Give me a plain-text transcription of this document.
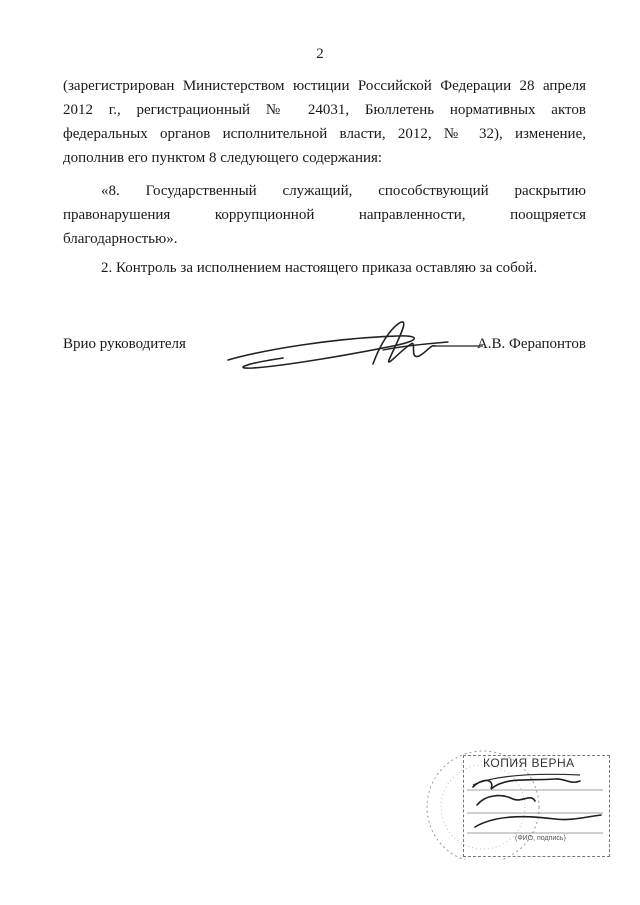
2
(зарегистрирован Министерством юстиции Российской Федерации 28 апреля
2012 г., регистрационный № 24031, Бюллетень нормативных актов
федеральных органов исполнительной власти, 2012, № 32), изменение,
дополнив его пунктом 8 следующего содержания:
«8. Государственный служащий, способствующий раскрытию
правонарушения коррупционной направленности, поощряется
благодарностью».
2. Контроль за исполнением настоящего приказа оставляю за собой.
Врио руководителя	А.В. Ферапонтов
КОПИЯ ВЕРНА
(ФИО, подпись)
